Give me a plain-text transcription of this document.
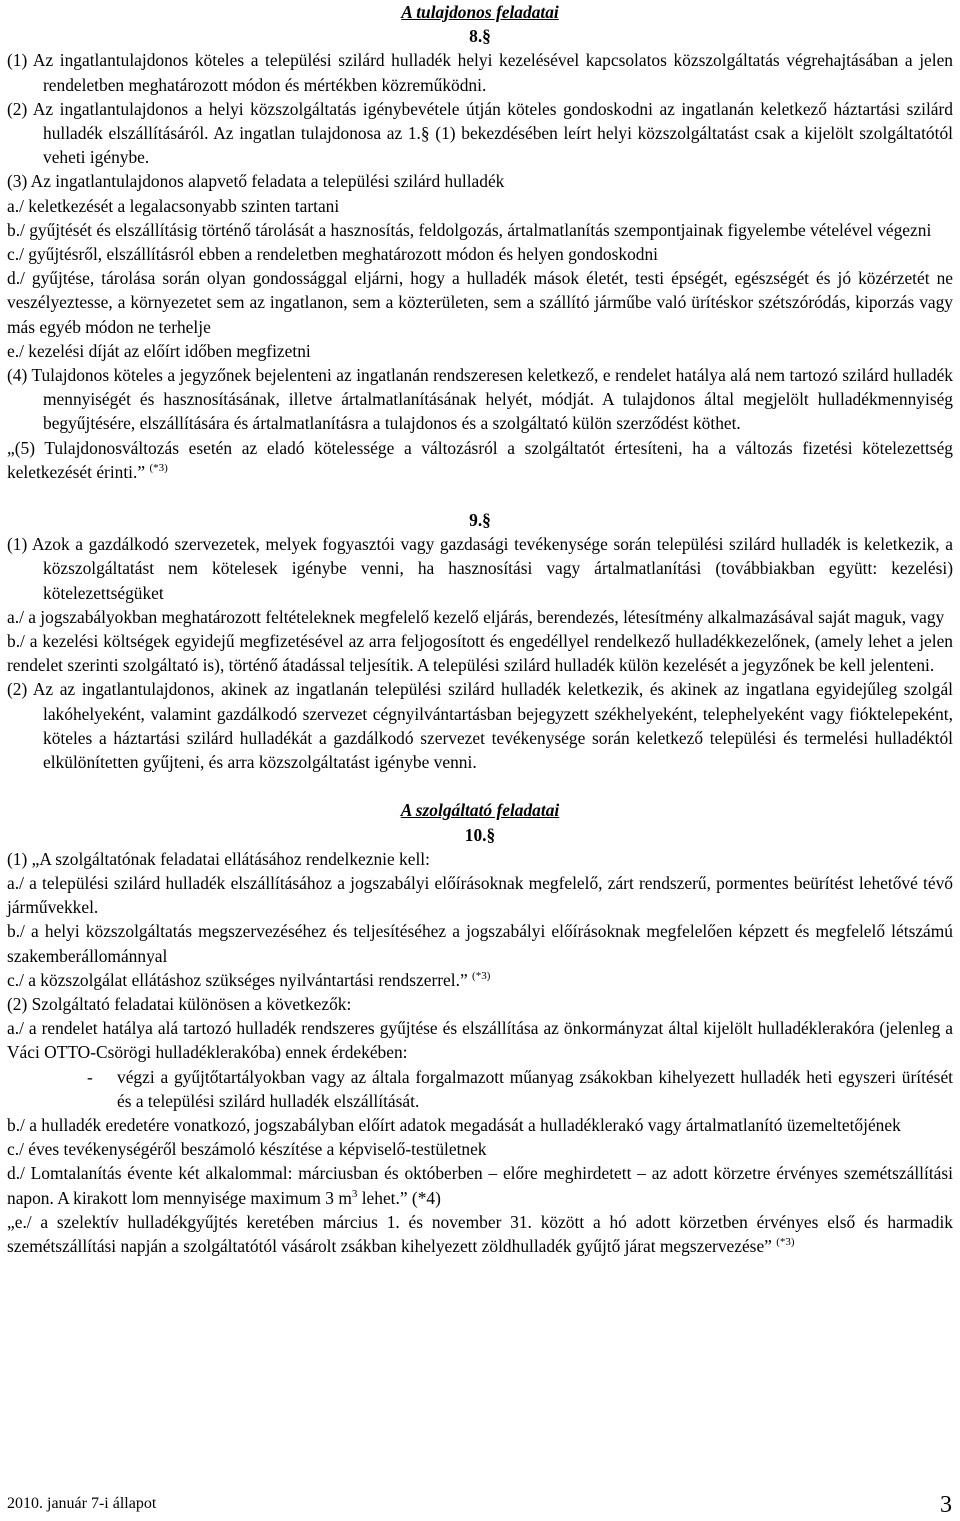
A tulajdonos feladatai
8.§
(1) Az ingatlantulajdonos köteles a települési szilárd hulladék helyi kezelésével kapcsolatos közszolgáltatás végrehajtásában a jelen rendeletben meghatározott módon és mértékben közreműködni.
(2) Az ingatlantulajdonos a helyi közszolgáltatás igénybevétele útján köteles gondoskodni az ingatlanán keletkező háztartási szilárd hulladék elszállításáról. Az ingatlan tulajdonosa az 1.§ (1) bekezdésében leírt helyi közszolgáltatást csak a kijelölt szolgáltatótól veheti igénybe.
(3) Az ingatlantulajdonos alapvető feladata a települési szilárd hulladék
a./ keletkezését a legalacsonyabb szinten tartani
b./ gyűjtését és elszállításig történő tárolását a hasznosítás, feldolgozás, ártalmatlanítás szempontjainak figyelembe vételével végezni
c./ gyűjtésről, elszállításról ebben a rendeletben meghatározott módon és helyen gondoskodni
d./ gyűjtése, tárolása során olyan gondossággal eljárni, hogy a hulladék mások életét, testi épségét, egészségét és jó közérzetét ne veszélyeztesse, a környezetet sem az ingatlanon, sem a közterületen, sem a szállító járműbe való ürítéskor szétszóródás, kiporzás vagy más egyéb módon ne terhelje
e./ kezelési díját az előírt időben megfizetni
(4) Tulajdonos köteles a jegyzőnek bejelenteni az ingatlanán rendszeresen keletkező, e rendelet hatálya alá nem tartozó szilárd hulladék mennyiségét és hasznosításának, illetve ártalmatlanításának helyét, módját. A tulajdonos által megjelölt hulladékmennyiség begyűjtésére, elszállítására és ártalmatlanításra a tulajdonos és a szolgáltató külön szerződést köthet.
„(5) Tulajdonosváltozás esetén az eladó kötelessége a változásról a szolgáltatót értesíteni, ha a változás fizetési kötelezettség keletkezését érinti.” $^{(*3)}$
9.§
(1) Azok a gazdálkodó szervezetek, melyek fogyasztói vagy gazdasági tevékenysége során települési szilárd hulladék is keletkezik, a közszolgáltatást nem kötelesek igénybe venni, ha hasznosítási vagy ártalmatlanítási (továbbiakban együtt: kezelési) kötelezettségüket
a./ a jogszabályokban meghatározott feltételeknek megfelelő kezelő eljárás, berendezés, létesítmény alkalmazásával saját maguk, vagy
b./ a kezelési költségek egyidejű megfizetésével az arra feljogosított és engedéllyel rendelkező hulladékkezelőnek, (amely lehet a jelen rendelet szerinti szolgáltató is), történő átadással teljesítik. A települési szilárd hulladék külön kezelését a jegyzőnek be kell jelenteni.
(2) Az az ingatlantulajdonos, akinek az ingatlanán települési szilárd hulladék keletkezik, és akinek az ingatlana egyidejűleg szolgál lakóhelyeként, valamint gazdálkodó szervezet cégnyilvántartásban bejegyzett székhelyeként, telephelyeként vagy fióktelepeként, köteles a háztartási szilárd hulladékát a gazdálkodó szervezet tevékenysége során keletkező települési és termelési hulladéktól elkülönítetten gyűjteni, és arra közszolgáltatást igénybe venni.
A szolgáltató feladatai
10.§
(1) „A szolgáltatónak feladatai ellátásához rendelkeznie kell:
a./ a települési szilárd hulladék elszállításához a jogszabályi előírásoknak megfelelő, zárt rendszerű, pormentes beürítést lehetővé tévő járművekkel.
b./ a helyi közszolgáltatás megszervezéséhez és teljesítéséhez a jogszabályi előírásoknak megfelelően képzett és megfelelő létszámú szakemberállománnyal
c./ a közszolgálat ellátáshoz szükséges nyilvántartási rendszerrel.” $^{(*3)}$
(2) Szolgáltató feladatai különösen a következők:
a./ a rendelet hatálya alá tartozó hulladék rendszeres gyűjtése és elszállítása az önkormányzat által kijelölt hulladéklerakóra (jelenleg a Váci OTTO-Csörögi hulladéklerakóba) ennek érdekében:
- végzi a gyűjtőtartályokban vagy az általa forgalmazott műanyag zsákokban kihelyezett hulladék heti egyszeri ürítését és a települési szilárd hulladék elszállítását.
b./ a hulladék eredetére vonatkozó, jogszabályban előírt adatok megadását a hulladéklerakó vagy ártalmatlanító üzemeltetőjének
c./ éves tevékenységéről beszámoló készítése a képviselő-testületnek
d./ Lomtalanítás évente két alkalommal: márciusban és októberben – előre meghirdetett – az adott körzetre érvényes szemétszállítási napon. A kirakott lom mennyisége maximum 3 $m^3$ lehet.” (*4)
„e./ a szelektív hulladékgyűjtés keretében március 1. és november 31. között a hó adott körzetben érvényes első és harmadik szemétszállítási napján a szolgáltatótól vásárolt zsákban kihelyezett zöldhulladék gyűjtő járat megszervezése” $^{(*3)}$
2010. január 7-i állapot	3
